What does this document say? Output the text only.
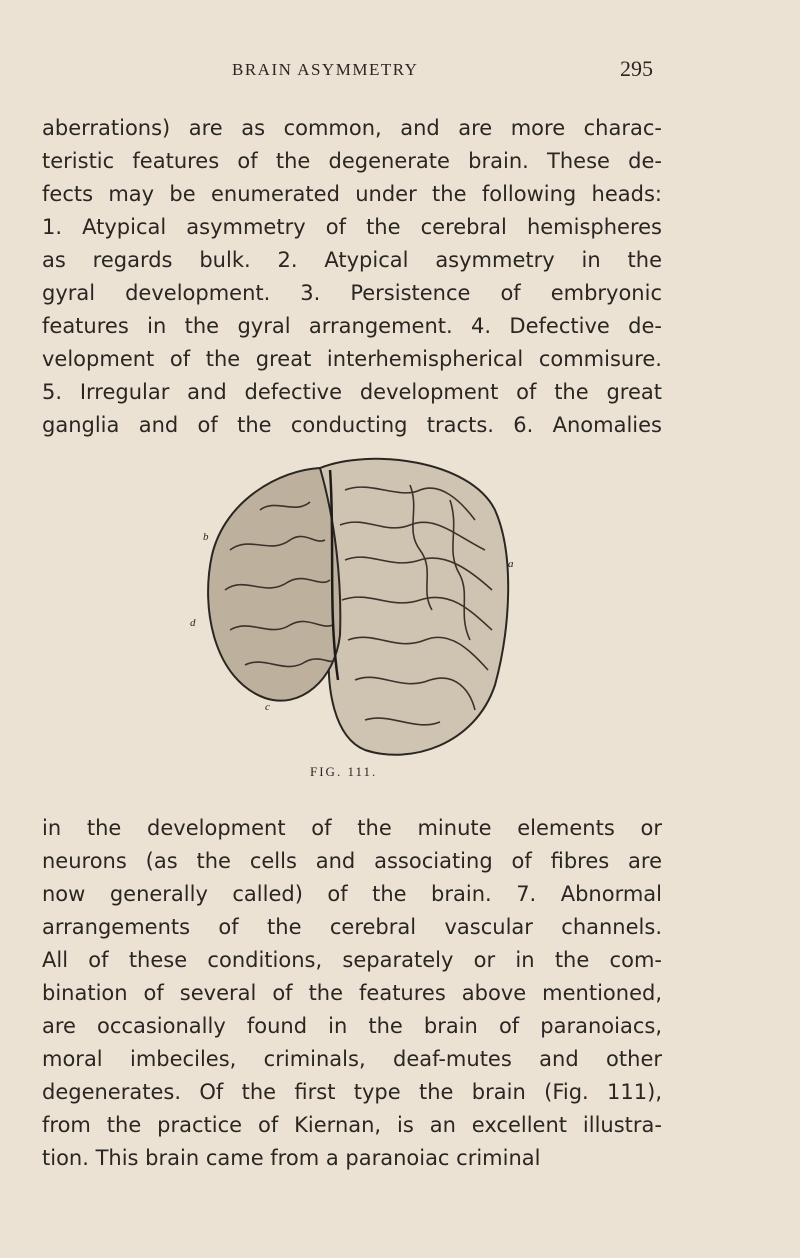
BRAIN ASYMMETRY	295
aberrations) are as common, and are more charac-
teristic features of the degenerate brain. These de-
fects may be enumerated under the following heads:
1. Atypical asymmetry of the cerebral hemispheres
as regards bulk. 2. Atypical asymmetry in the
gyral development. 3. Persistence of embryonic
features in the gyral arrangement. 4. Defective de-
velopment of the great interhemispherical commisure.
5. Irregular and defective development of the great
ganglia and of the conducting tracts. 6. Anomalies
b
a
d
c
FIG. 111.
in the development of the minute elements or
neurons (as the cells and associating of fibres are
now generally called) of the brain. 7. Abnormal
arrangements of the cerebral vascular channels.
All of these conditions, separately or in the com-
bination of several of the features above mentioned,
are occasionally found in the brain of paranoiacs,
moral imbeciles, criminals, deaf-mutes and other
degenerates. Of the first type the brain (Fig. 111),
from the practice of Kiernan, is an excellent illustra-
tion. This brain came from a paranoiac criminal
